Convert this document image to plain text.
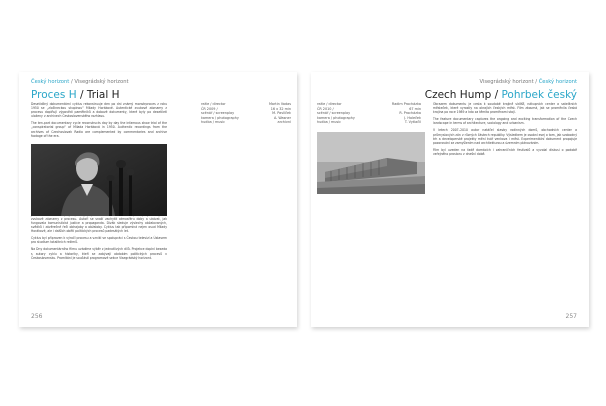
Český horizont / Visegrádský horizont
Proces H / Trial H

Desetidílný dokumentární cyklus rekonstruuje den po dni známý monstrproces z roku 1950 se „zločineckou skupinou“ Milady Horákové. Autentické zvukové záznamy z procesu doplňují výpovědi pamětníků a dobové dokumenty, které byly po desetiletí uloženy v archivech Československého rozhlasu.

The ten-part documentary cycle reconstructs day by day the infamous show trial of the „conspiratorial group“ of Milada Horáková in 1950. Authentic recordings from the archives of Czechoslovak Radio are complemented by commentaries and archive footage of the era.

zvukové záznamy z procesu. Autoři se snaží zachytit atmosféru doby a ukázat, jak fungovala komunistická justice a propaganda. Divák sleduje výslechy obžalovaných, svědků i závěrečné řeči obhajoby a obžaloby. Cyklus tak připomíná nejen osud Milady Horákové, ale i dalších obětí politických procesů padesátých let.

Cyklus byl připraven k výročí procesu a vznikl ve spolupráci s Českou televizí a Ústavem pro studium totalitních režimů.

Na Dny dokumentárního filmu uvádíme výběr z jednotlivých dílů. Projekce doplní beseda s autory cyklu a historiky, kteří se zabývají obdobím politických procesů v Československu. Promítání je součástí programové sekce Visegrádský horizont.

režie / director	Martin Vadas
ČR 2009 /	16 x 32 min
scénář / screenplay	M. Pavlíček
kamera / photography	A. Wasner
hudba / music	archivní
256
Visegrádský horizont / Český horizont
Czech Hump / Pohrbek český
režie / director	Radim Procházka
ČR 2010 /	67 min
scénář / screenplay	R. Procházka
kamera / photography	J. Holeček
hudba / music	T. Vytlačil

Obrazem dokumentu je cesta k soudobé krajině sídlišť, nákupních center a satelitních městeček, které vyrostly na okrajích českých měst. Film zkoumá, jak se proměnila česká krajina po roce 1989 a kdo za těmito proměnami stojí.

The feature documentary captures the ongoing and exciting transformation of the Czech landscape in terms of architecture, sociology and urbanism.

V letech 2007–2010 autor natáčel stavby rodinných domů, obchodních center a průmyslových zón v různých částech republiky. Výsledkem je osobní esej o tom, jak svobodný trh a developerské projekty mění tvář venkova i měst. Experimentální dokument propojuje pozorování se zamyšlením nad architekturou a územním plánováním.

Film byl uveden na řadě domácích i zahraničních festivalů a vyvolal diskusi o podobě veřejného prostoru v dnešní době.

257
